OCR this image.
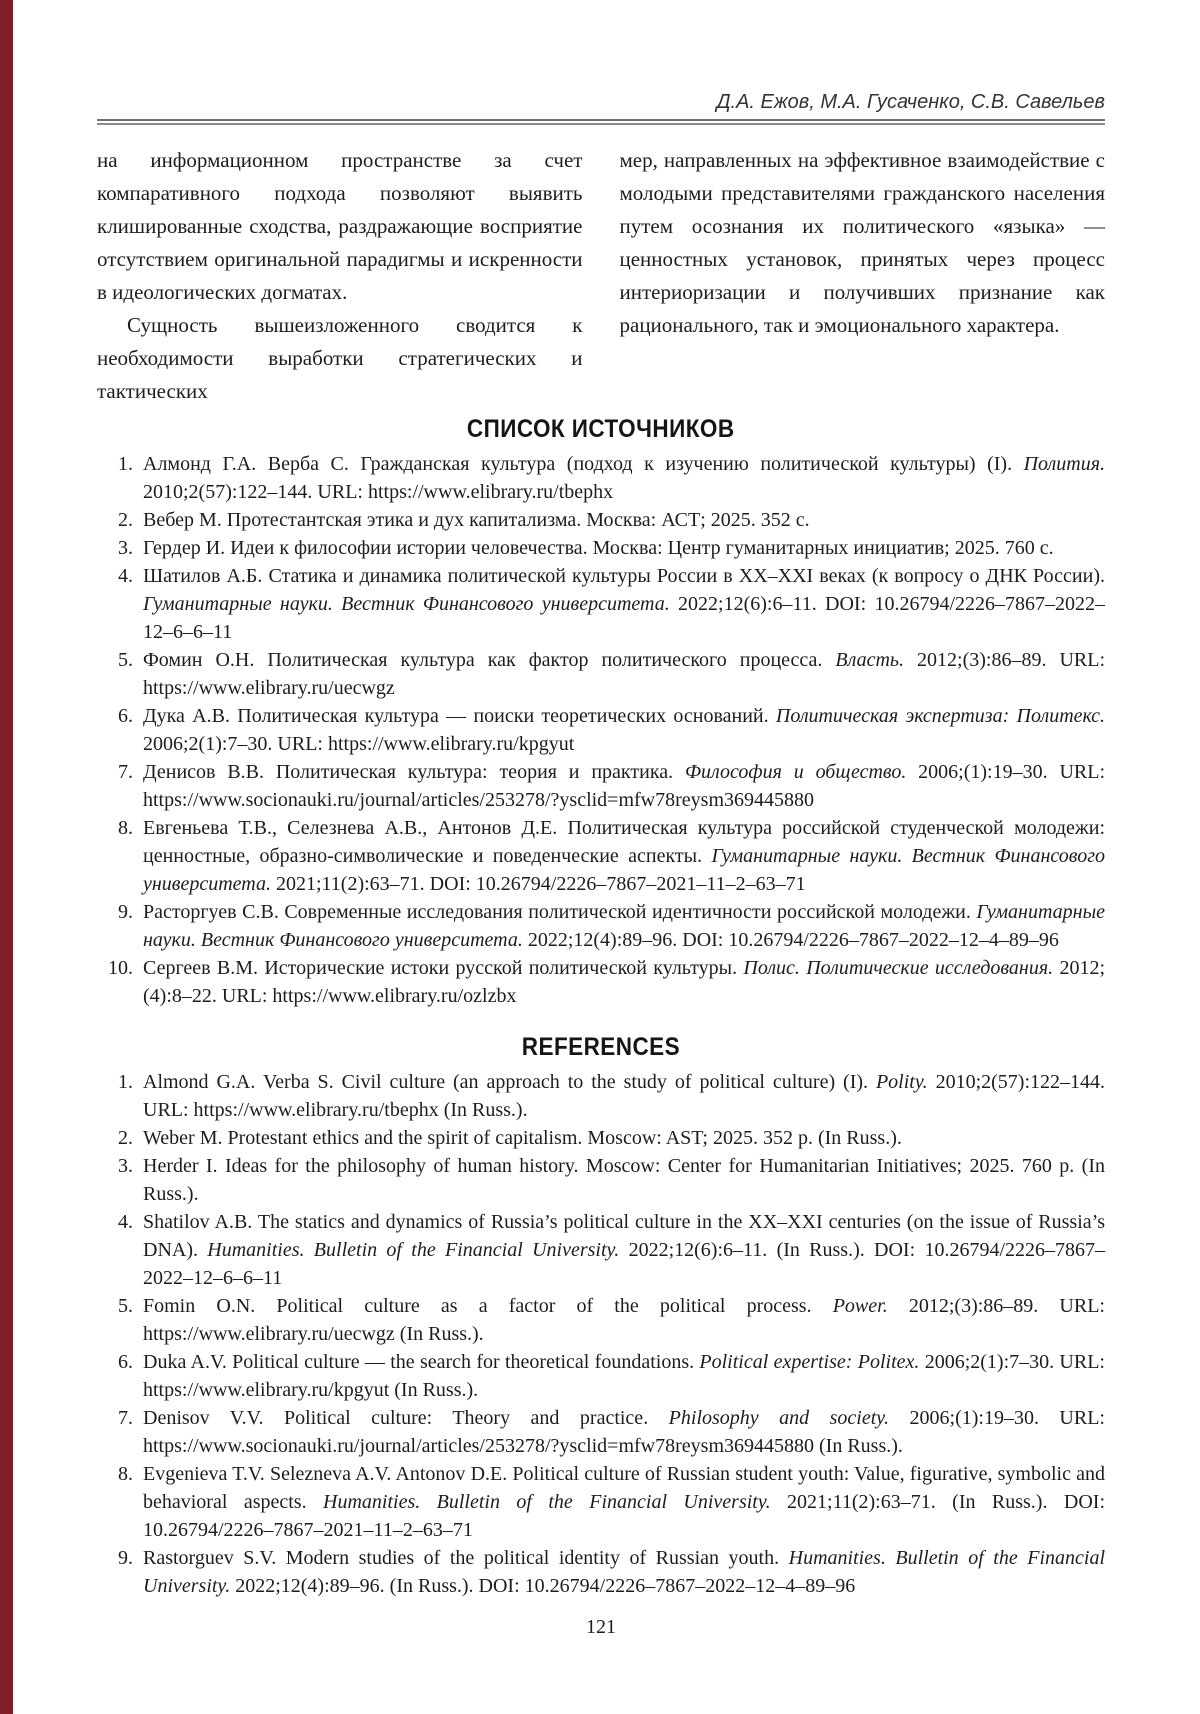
Д.А. Ежов, М.А. Гусаченко, С.В. Савельев

на информационном пространстве за счет компаративного подхода позволяют выявить клишированные сходства, раздражающие восприятие отсутствием оригинальной парадигмы и искренности в идеологических догматах.

Сущность вышеизложенного сводится к необходимости выработки стратегических и тактических

мер, направленных на эффективное взаимодействие с молодыми представителями гражданского населения путем осознания их политического «языка» — ценностных установок, принятых через процесс интериоризации и получивших признание как рационального, так и эмоционального характера.

СПИСОК ИСТОЧНИКОВ
1. Алмонд Г.А. Верба С. Гражданская культура (подход к изучению политической культуры) (I). Полития. 2010;2(57):122–144. URL: https://www.elibrary.ru/tbephx
2. Вебер М. Протестантская этика и дух капитализма. Москва: АСТ; 2025. 352 с.
3. Гердер И. Идеи к философии истории человечества. Москва: Центр гуманитарных инициатив; 2025. 760 с.
4. Шатилов А.Б. Статика и динамика политической культуры России в XX–XXI веках (к вопросу о ДНК России). Гуманитарные науки. Вестник Финансового университета. 2022;12(6):6–11. DOI: 10.26794/2226–7867–2022–12–6–6–11
5. Фомин О.Н. Политическая культура как фактор политического процесса. Власть. 2012;(3):86–89. URL: https://www.elibrary.ru/uecwgz
6. Дука А.В. Политическая культура — поиски теоретических оснований. Политическая экспертиза: Политекс. 2006;2(1):7–30. URL: https://www.elibrary.ru/kpgyut
7. Денисов В.В. Политическая культура: теория и практика. Философия и общество. 2006;(1):19–30. URL: https://www.socionauki.ru/journal/articles/253278/?ysclid=mfw78reysm369445880
8. Евгеньева Т.В., Селезнева А.В., Антонов Д.Е. Политическая культура российской студенческой молодежи: ценностные, образно-символические и поведенческие аспекты. Гуманитарные науки. Вестник Финансового университета. 2021;11(2):63–71. DOI: 10.26794/2226–7867–2021–11–2–63–71
9. Расторгуев С.В. Современные исследования политической идентичности российской молодежи. Гуманитарные науки. Вестник Финансового университета. 2022;12(4):89–96. DOI: 10.26794/2226–7867–2022–12–4–89–96
10. Сергеев В.М. Исторические истоки русской политической культуры. Полис. Политические исследования. 2012;(4):8–22. URL: https://www.elibrary.ru/ozlzbx
REFERENCES
1. Almond G.A. Verba S. Civil culture (an approach to the study of political culture) (I). Polity. 2010;2(57):122–144. URL: https://www.elibrary.ru/tbephx (In Russ.).
2. Weber M. Protestant ethics and the spirit of capitalism. Moscow: AST; 2025. 352 p. (In Russ.).
3. Herder I. Ideas for the philosophy of human history. Moscow: Center for Humanitarian Initiatives; 2025. 760 p. (In Russ.).
4. Shatilov A.B. The statics and dynamics of Russia’s political culture in the XX–XXI centuries (on the issue of Russia’s DNA). Humanities. Bulletin of the Financial University. 2022;12(6):6–11. (In Russ.). DOI: 10.26794/2226–7867–2022–12–6–6–11
5. Fomin O.N. Political culture as a factor of the political process. Power. 2012;(3):86–89. URL: https://www.elibrary.ru/uecwgz (In Russ.).
6. Duka A.V. Political culture — the search for theoretical foundations. Political expertise: Politex. 2006;2(1):7–30. URL: https://www.elibrary.ru/kpgyut (In Russ.).
7. Denisov V.V. Political culture: Theory and practice. Philosophy and society. 2006;(1):19–30. URL: https://www.socionauki.ru/journal/articles/253278/?ysclid=mfw78reysm369445880 (In Russ.).
8. Evgenieva T.V. Selezneva A.V. Antonov D.E. Political culture of Russian student youth: Value, figurative, symbolic and behavioral aspects. Humanities. Bulletin of the Financial University. 2021;11(2):63–71. (In Russ.). DOI: 10.26794/2226–7867–2021–11–2–63–71
9. Rastorguev S.V. Modern studies of the political identity of Russian youth. Humanities. Bulletin of the Financial University. 2022;12(4):89–96. (In Russ.). DOI: 10.26794/2226–7867–2022–12–4–89–96
121
